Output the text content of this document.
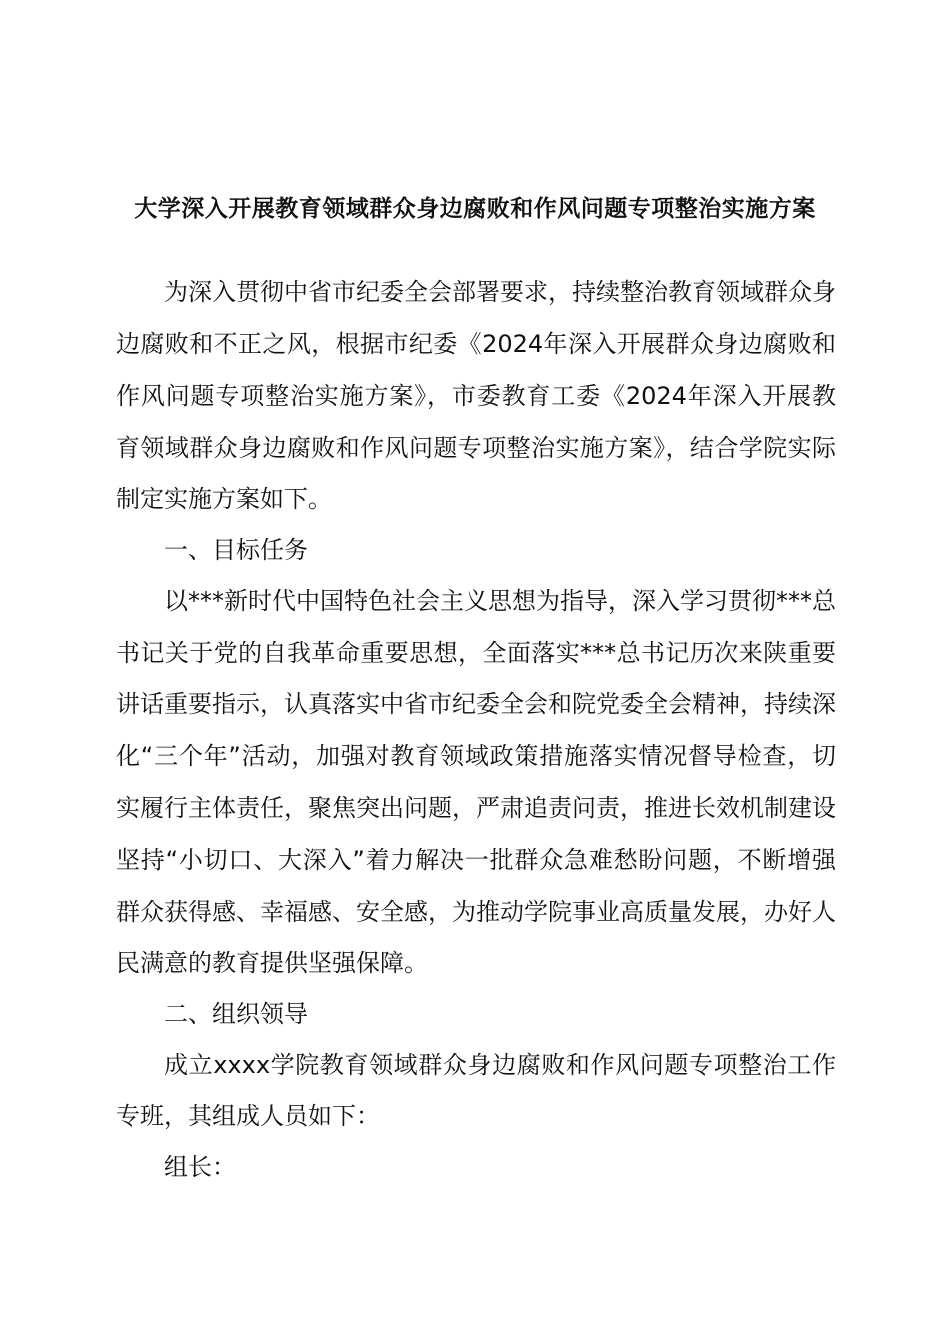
大学深入开展教育领域群众身边腐败和作风问题专项整治实施方案
为深入贯彻中省市纪委全会部署要求，持续整治教育领域群众身
边腐败和不正之风，根据市纪委《2024年深入开展群众身边腐败和
作风问题专项整治实施方案》，市委教育工委《2024年深入开展教
育领域群众身边腐败和作风问题专项整治实施方案》，结合学院实际
制定实施方案如下。
一、目标任务
以***新时代中国特色社会主义思想为指导，深入学习贯彻***总
书记关于党的自我革命重要思想，全面落实***总书记历次来陕重要
讲话重要指示，认真落实中省市纪委全会和院党委全会精神，持续深
化“三个年”活动，加强对教育领域政策措施落实情况督导检查，切
实履行主体责任，聚焦突出问题，严肃追责问责，推进长效机制建设
坚持“小切口、大深入”着力解决一批群众急难愁盼问题，不断增强
群众获得感、幸福感、安全感，为推动学院事业高质量发展，办好人
民满意的教育提供坚强保障。
二、组织领导
成立xxxx学院教育领域群众身边腐败和作风问题专项整治工作
专班，其组成人员如下：
组长：
